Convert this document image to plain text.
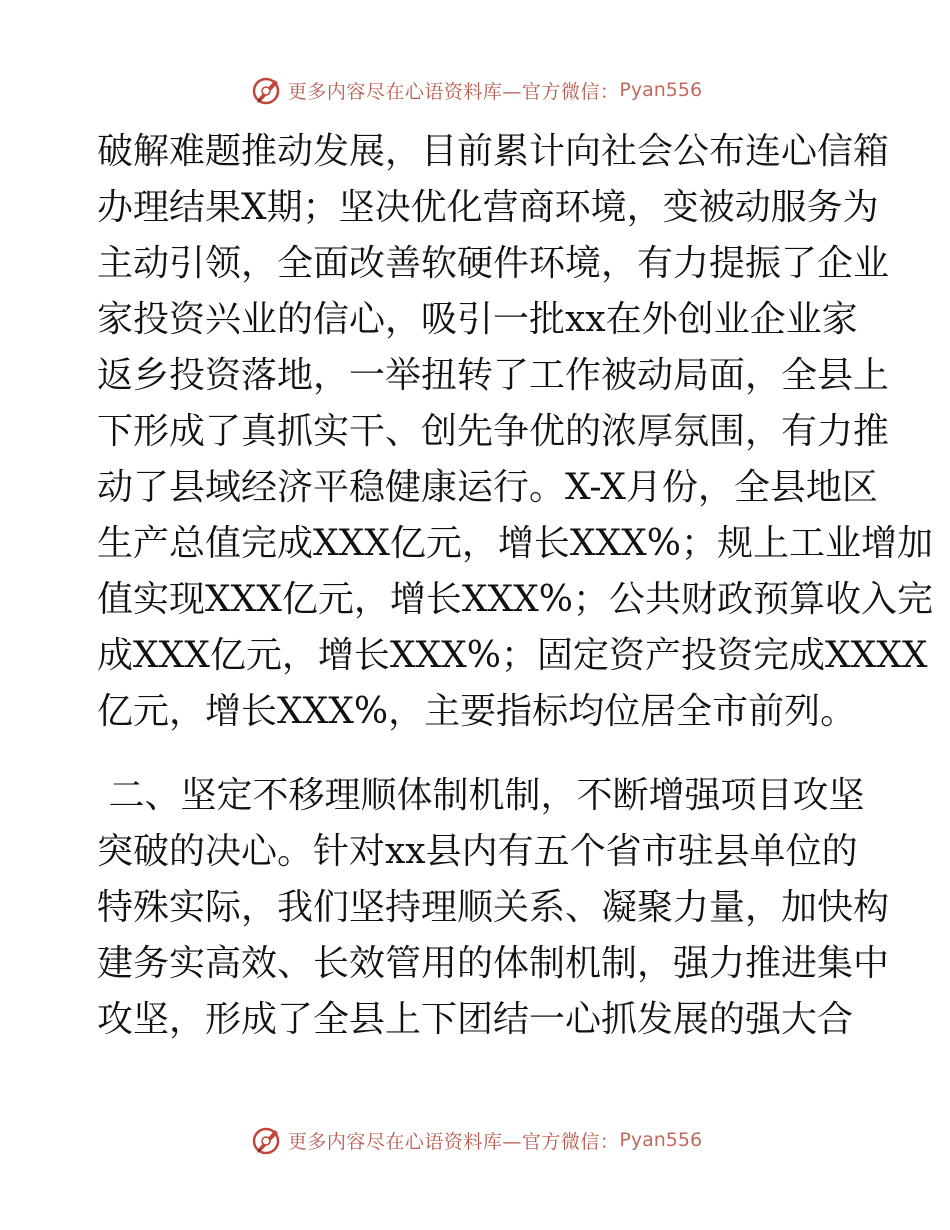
更多内容尽在心语资料库—官方微信： Pyan556
破解难题推动发展，目前累计向社会公布连心信箱
办理结果X期；坚决优化营商环境，变被动服务为
主动引领，全面改善软硬件环境，有力提振了企业
家投资兴业的信心，吸引一批xx在外创业企业家
返乡投资落地，一举扭转了工作被动局面，全县上
下形成了真抓实干、创先争优的浓厚氛围，有力推
动了县域经济平稳健康运行。X-X月份，全县地区
生产总值完成XXX亿元，增长XXX%；规上工业增加
值实现XXX亿元，增长XXX%；公共财政预算收入完
成XXX亿元，增长XXX%；固定资产投资完成XXXX
亿元，增长XXX%，主要指标均位居全市前列。
二、坚定不移理顺体制机制，不断增强项目攻坚
突破的决心。针对xx县内有五个省市驻县单位的
特殊实际，我们坚持理顺关系、凝聚力量，加快构
建务实高效、长效管用的体制机制，强力推进集中
攻坚，形成了全县上下团结一心抓发展的强大合
更多内容尽在心语资料库—官方微信： Pyan556
